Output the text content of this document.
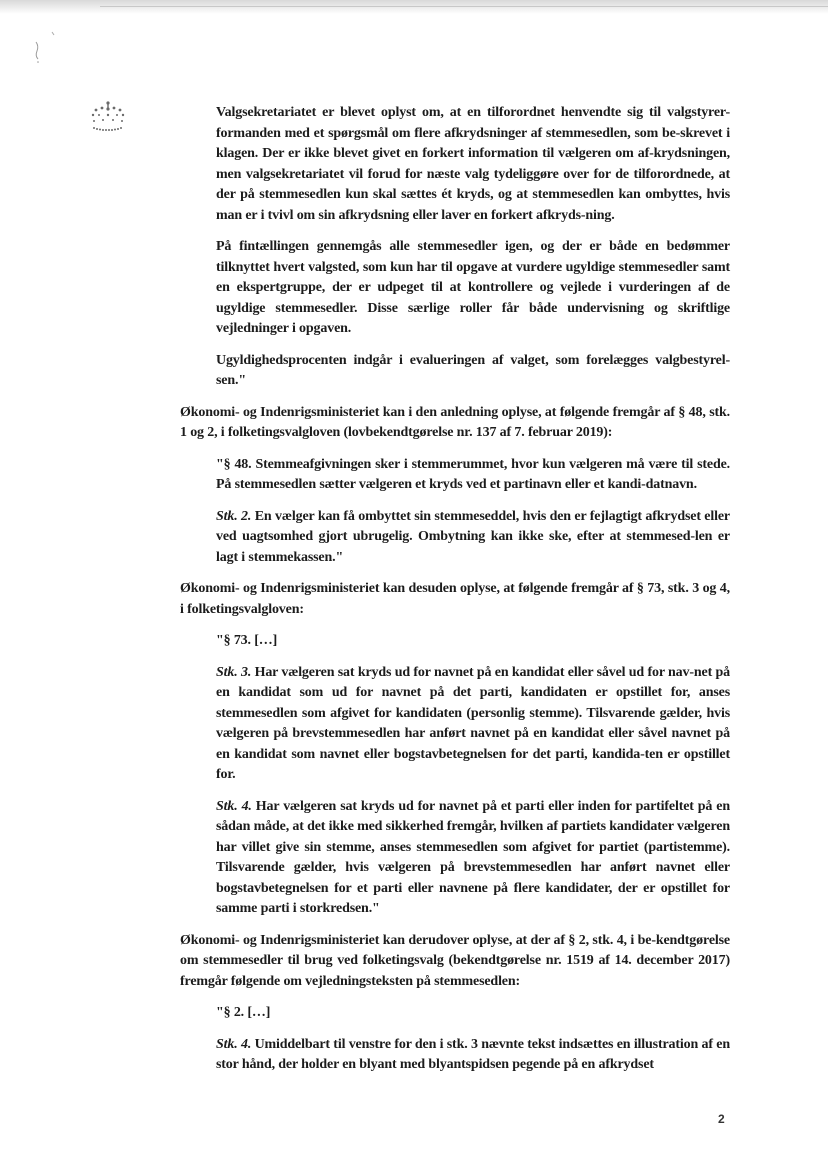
Valgsekretariatet er blevet oplyst om, at en tilforordnet henvendte sig til valgstyrer-formanden med et spørgsmål om flere afkrydsninger af stemmesedlen, som be-skrevet i klagen. Der er ikke blevet givet en forkert information til vælgeren om af-krydsningen, men valgsekretariatet vil forud for næste valg tydeliggøre over for de tilforordnede, at der på stemmesedlen kun skal sættes ét kryds, og at stemmesedlen kan ombyttes, hvis man er i tvivl om sin afkrydsning eller laver en forkert afkryds-ning.

På fintællingen gennemgås alle stemmesedler igen, og der er både en bedømmer tilknyttet hvert valgsted, som kun har til opgave at vurdere ugyldige stemmesedler samt en ekspertgruppe, der er udpeget til at kontrollere og vejlede i vurderingen af de ugyldige stemmesedler. Disse særlige roller får både undervisning og skriftlige vejledninger i opgaven.

Ugyldighedsprocenten indgår i evalueringen af valget, som forelægges valgbestyrel-sen."

Økonomi- og Indenrigsministeriet kan i den anledning oplyse, at følgende fremgår af § 48, stk. 1 og 2, i folketingsvalgloven (lovbekendtgørelse nr. 137 af 7. februar 2019):

"§ 48. Stemmeafgivningen sker i stemmerummet, hvor kun vælgeren må være til stede. På stemmesedlen sætter vælgeren et kryds ved et partinavn eller et kandi-datnavn.

Stk. 2. En vælger kan få ombyttet sin stemmeseddel, hvis den er fejlagtigt afkrydset eller ved uagtsomhed gjort ubrugelig. Ombytning kan ikke ske, efter at stemmesed-len er lagt i stemmekassen."

Økonomi- og Indenrigsministeriet kan desuden oplyse, at følgende fremgår af § 73, stk. 3 og 4, i folketingsvalgloven:

"§ 73. […]

Stk. 3. Har vælgeren sat kryds ud for navnet på en kandidat eller såvel ud for nav-net på en kandidat som ud for navnet på det parti, kandidaten er opstillet for, anses stemmesedlen som afgivet for kandidaten (personlig stemme). Tilsvarende gælder, hvis vælgeren på brevstemmesedlen har anført navnet på en kandidat eller såvel navnet på en kandidat som navnet eller bogstavbetegnelsen for det parti, kandida-ten er opstillet for.

Stk. 4. Har vælgeren sat kryds ud for navnet på et parti eller inden for partifeltet på en sådan måde, at det ikke med sikkerhed fremgår, hvilken af partiets kandidater vælgeren har villet give sin stemme, anses stemmesedlen som afgivet for partiet (partistemme). Tilsvarende gælder, hvis vælgeren på brevstemmesedlen har anført navnet eller bogstavbetegnelsen for et parti eller navnene på flere kandidater, der er opstillet for samme parti i storkredsen."

Økonomi- og Indenrigsministeriet kan derudover oplyse, at der af § 2, stk. 4, i be-kendtgørelse om stemmesedler til brug ved folketingsvalg (bekendtgørelse nr. 1519 af 14. december 2017) fremgår følgende om vejledningsteksten på stemmesedlen:

"§ 2. […]

Stk. 4. Umiddelbart til venstre for den i stk. 3 nævnte tekst indsættes en illustration af en stor hånd, der holder en blyant med blyantspidsen pegende på en afkrydset

2
